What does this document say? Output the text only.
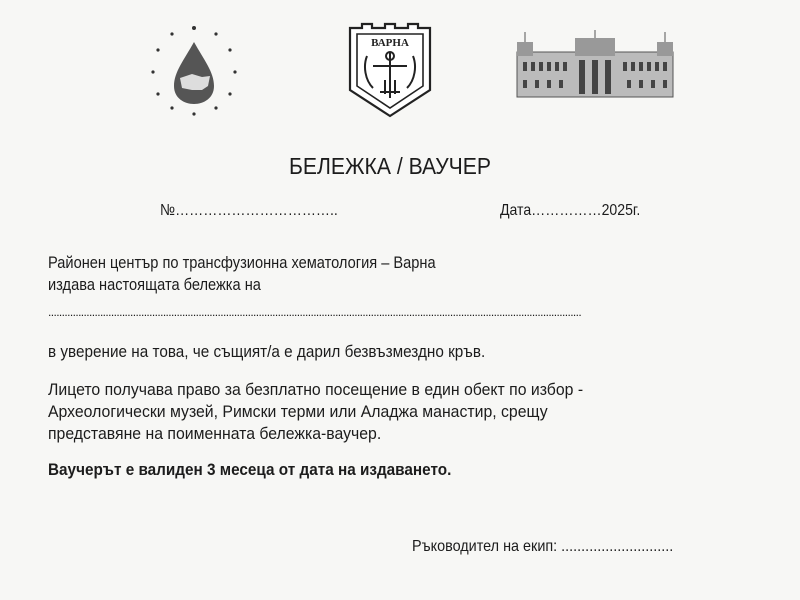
ВАРНА
БЕЛЕЖКА / ВАУЧЕР
№……………………………..	Дата……………2025г.
Районен център по трансфузионна хематология – Варна
издава настоящата бележка на
...................................................................................................................................................................................................
в уверение на това, че същият/а е дарил безвъзмездно кръв.
Лицето получава право за безплатно посещение в един обект по избор -
Археологически музей, Римски терми или Аладжа манастир, срещу
представяне на поименната бележка-ваучер.
Ваучерът е валиден 3 месеца от дата на издаването.
Ръководител на екип: ............................
